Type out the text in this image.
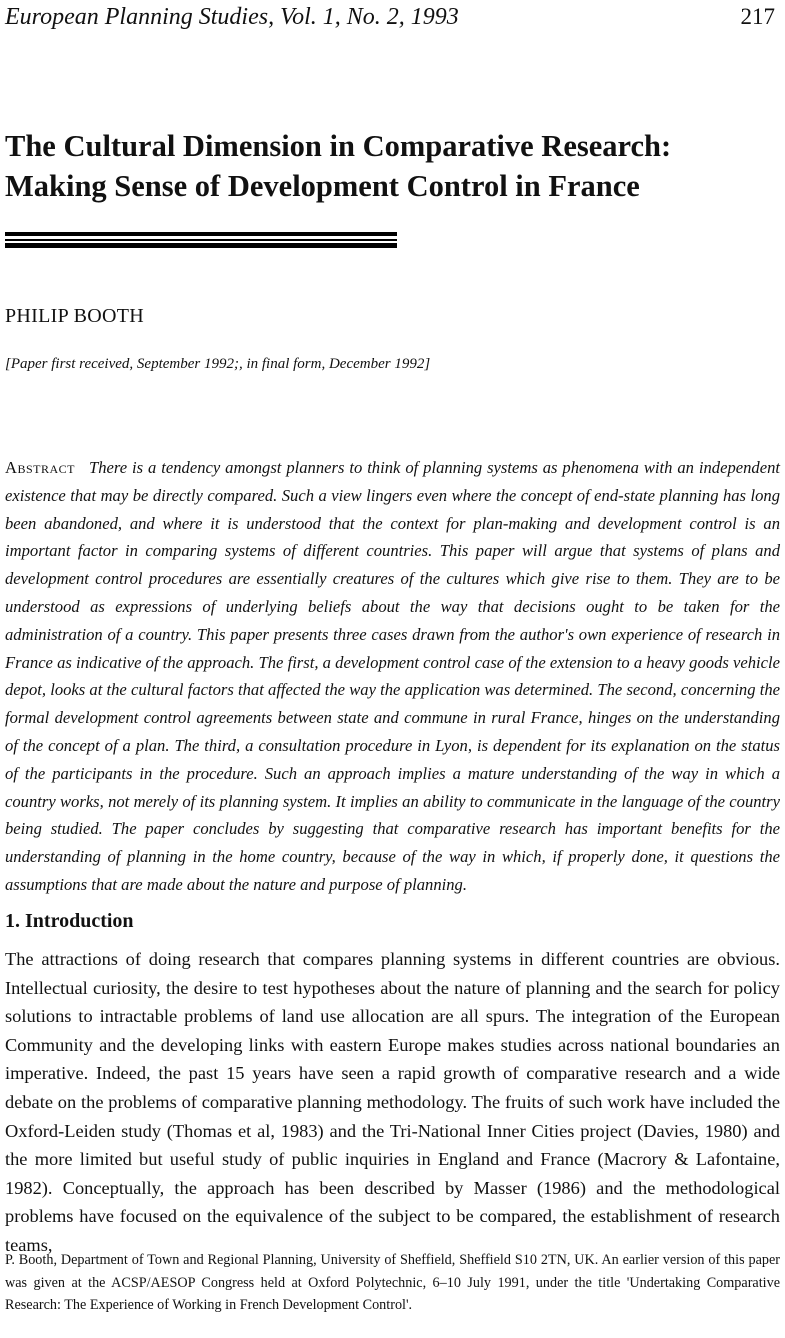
European Planning Studies, Vol. 1, No. 2, 1993	217
The Cultural Dimension in Comparative Research:
Making Sense of Development Control in France
PHILIP BOOTH
[Paper first received, September 1992;, in final form, December 1992]

Abstract There is a tendency amongst planners to think of planning systems as phenomena with an independent existence that may be directly compared. Such a view lingers even where the concept of end-state planning has long been abandoned, and where it is understood that the context for plan-making and development control is an important factor in comparing systems of different countries. This paper will argue that systems of plans and development control procedures are essentially creatures of the cultures which give rise to them. They are to be understood as expressions of underlying beliefs about the way that decisions ought to be taken for the administration of a country. This paper presents three cases drawn from the author's own experience of research in France as indicative of the approach. The first, a development control case of the extension to a heavy goods vehicle depot, looks at the cultural factors that affected the way the application was determined. The second, concerning the formal development control agreements between state and commune in rural France, hinges on the understanding of the concept of a plan. The third, a consultation procedure in Lyon, is dependent for its explanation on the status of the participants in the procedure. Such an approach implies a mature understanding of the way in which a country works, not merely of its planning system. It implies an ability to communicate in the language of the country being studied. The paper concludes by suggesting that comparative research has important benefits for the understanding of planning in the home country, because of the way in which, if properly done, it questions the assumptions that are made about the nature and purpose of planning.

1. Introduction

The attractions of doing research that compares planning systems in different countries are obvious. Intellectual curiosity, the desire to test hypotheses about the nature of planning and the search for policy solutions to intractable problems of land use allocation are all spurs. The integration of the European Community and the developing links with eastern Europe makes studies across national boundaries an imperative. Indeed, the past 15 years have seen a rapid growth of comparative research and a wide debate on the problems of comparative planning methodology. The fruits of such work have included the Oxford-Leiden study (Thomas et al, 1983) and the Tri-National Inner Cities project (Davies, 1980) and the more limited but useful study of public inquiries in England and France (Macrory & Lafontaine, 1982). Conceptually, the approach has been described by Masser (1986) and the methodological problems have focused on the equivalence of the subject to be compared, the establishment of research teams,

P. Booth, Department of Town and Regional Planning, University of Sheffield, Sheffield S10 2TN, UK. An earlier version of this paper was given at the ACSP/AESOP Congress held at Oxford Polytechnic, 6–10 July 1991, under the title 'Undertaking Comparative Research: The Experience of Working in French Development Control'.
